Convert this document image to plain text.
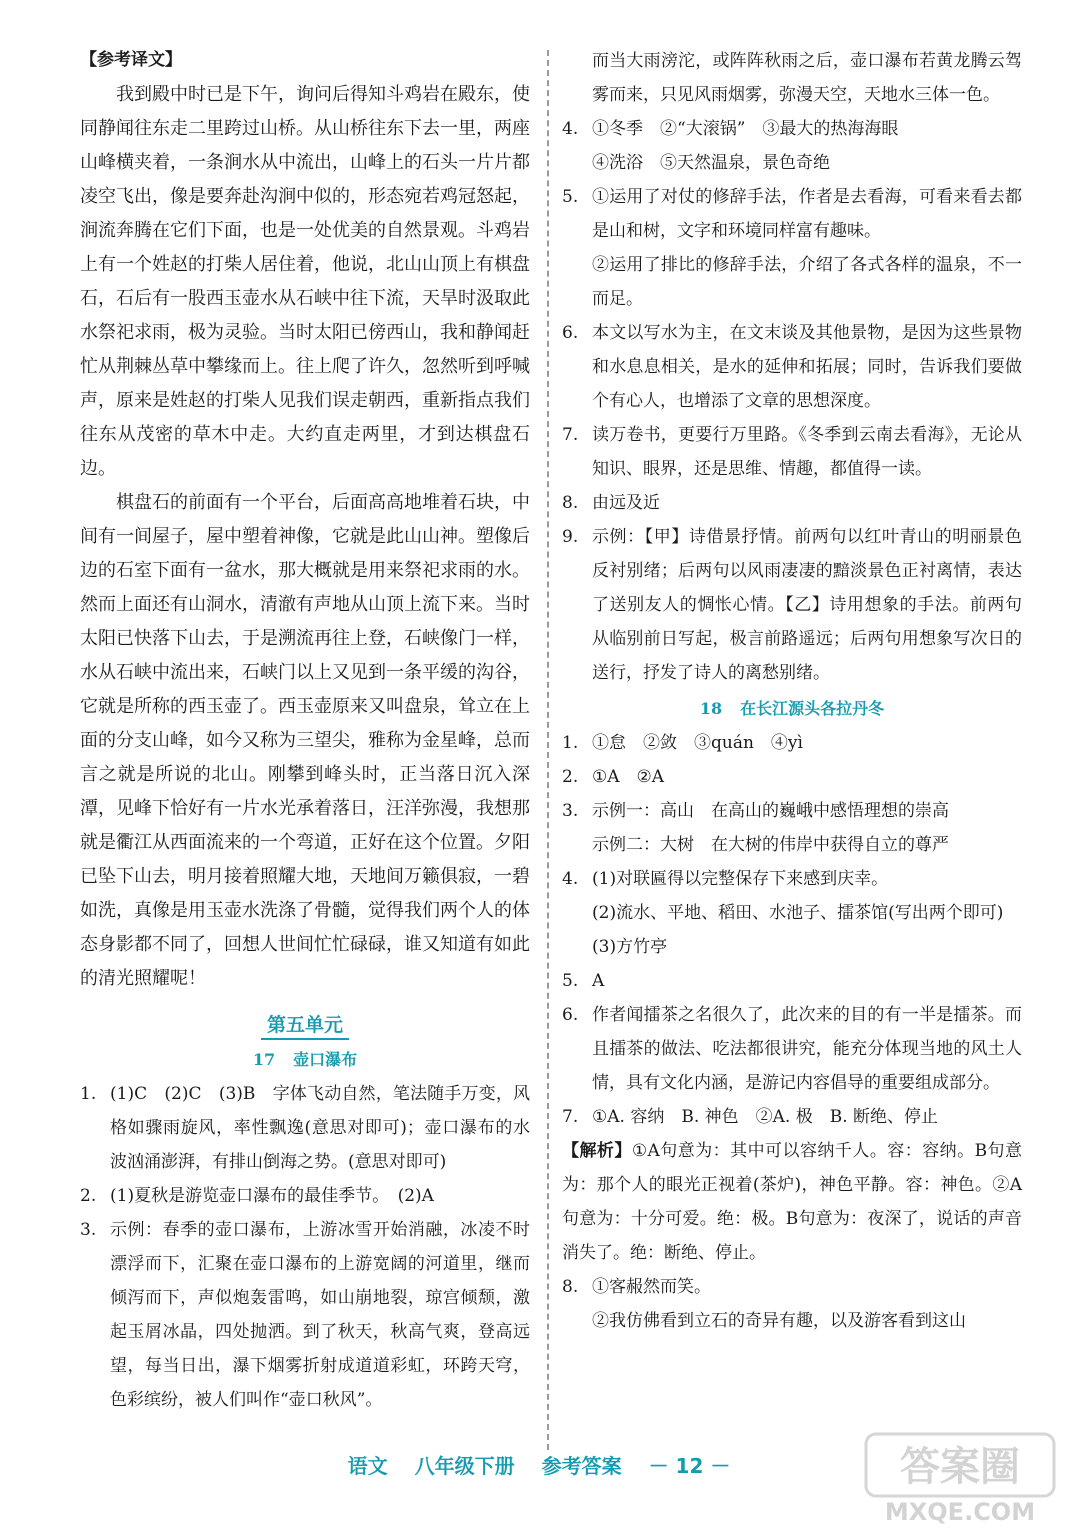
【参考译文】

我到殿中时已是下午，询问后得知斗鸡岩在殿东，使同静闻往东走二里跨过山桥。从山桥往东下去一里，两座山峰横夹着，一条涧水从中流出，山峰上的石头一片片都凌空飞出，像是要奔赴沟涧中似的，形态宛若鸡冠怒起，涧流奔腾在它们下面，也是一处优美的自然景观。斗鸡岩上有一个姓赵的打柴人居住着，他说，北山山顶上有棋盘石，石后有一股西玉壶水从石峡中往下流，天旱时汲取此水祭祀求雨，极为灵验。当时太阳已傍西山，我和静闻赶忙从荆棘丛草中攀缘而上。往上爬了许久，忽然听到呼喊声，原来是姓赵的打柴人见我们误走朝西，重新指点我们往东从茂密的草木中走。大约直走两里，才到达棋盘石边。

棋盘石的前面有一个平台，后面高高地堆着石块，中间有一间屋子，屋中塑着神像，它就是此山山神。塑像后边的石室下面有一盆水，那大概就是用来祭祀求雨的水。然而上面还有山洞水，清澈有声地从山顶上流下来。当时太阳已快落下山去，于是溯流再往上登，石峡像门一样，水从石峡中流出来，石峡门以上又见到一条平缓的沟谷，它就是所称的西玉壶了。西玉壶原来又叫盘泉，耸立在上面的分支山峰，如今又称为三望尖，雅称为金星峰，总而言之就是所说的北山。刚攀到峰头时，正当落日沉入深潭，见峰下恰好有一片水光承着落日，汪洋弥漫，我想那就是衢江从西面流来的一个弯道，正好在这个位置。夕阳已坠下山去，明月接着照耀大地，天地间万籁俱寂，一碧如洗，真像是用玉壶水洗涤了骨髓，觉得我们两个人的体态身影都不同了，回想人世间忙忙碌碌，谁又知道有如此的清光照耀呢！

第五单元
17 壶口瀑布
1. (1)C　(2)C　(3)B　字体飞动自然，笔法随手万变，风格如骤雨旋风，率性飘逸(意思对即可)；壶口瀑布的水波汹涌澎湃，有排山倒海之势。(意思对即可)
2. (1)夏秋是游览壶口瀑布的最佳季节。　(2)A
3. 示例：春季的壶口瀑布，上游冰雪开始消融，冰凌不时漂浮而下，汇聚在壶口瀑布的上游宽阔的河道里，继而倾泻而下，声似炮轰雷鸣，如山崩地裂，琼宫倾颓，激起玉屑冰晶，四处抛洒。到了秋天，秋高气爽，登高远望，每当日出，瀑下烟雾折射成道道彩虹，环跨天穹，色彩缤纷，被人们叫作“壶口秋风”。
而当大雨滂沱，或阵阵秋雨之后，壶口瀑布若黄龙腾云驾雾而来，只见风雨烟雾，弥漫天空，天地水三体一色。
4. ①冬季　②“大滚锅”　③最大的热海海眼
④洗浴　⑤天然温泉，景色奇绝
5. ①运用了对仗的修辞手法，作者是去看海，可看来看去都是山和树，文字和环境同样富有趣味。
②运用了排比的修辞手法，介绍了各式各样的温泉，不一而足。
6. 本文以写水为主，在文末谈及其他景物，是因为这些景物和水息息相关，是水的延伸和拓展；同时，告诉我们要做个有心人，也增添了文章的思想深度。
7. 读万卷书，更要行万里路。《冬季到云南去看海》，无论从知识、眼界，还是思维、情趣，都值得一读。
8. 由远及近
9. 示例：【甲】诗借景抒情。前两句以红叶青山的明丽景色反衬别绪；后两句以风雨凄凄的黯淡景色正衬离情，表达了送别友人的惆怅心情。【乙】诗用想象的手法。前两句从临别前日写起，极言前路遥远；后两句用想象写次日的送行，抒发了诗人的离愁别绪。
18 在长江源头各拉丹冬
1. ①怠　②敛　③quán　④yì
2. ①A　②A
3. 示例一：高山　在高山的巍峨中感悟理想的崇高
示例二：大树　在大树的伟岸中获得自立的尊严
4. (1)对联匾得以完整保存下来感到庆幸。
(2)流水、平地、稻田、水池子、擂茶馆(写出两个即可)
(3)方竹亭
5. A
6. 作者闻擂茶之名很久了，此次来的目的有一半是擂茶。而且擂茶的做法、吃法都很讲究，能充分体现当地的风土人情，具有文化内涵，是游记内容倡导的重要组成部分。
7. ①A. 容纳　B. 神色　②A. 极　B. 断绝、停止
【解析】①A句意为：其中可以容纳千人。容：容纳。B句意为：那个人的眼光正视着(茶炉)，神色平静。容：神色。②A句意为：十分可爱。绝：极。B句意为：夜深了，说话的声音消失了。绝：断绝、停止。
8. ①客赧然而笑。
②我仿佛看到立石的奇异有趣，以及游客看到这山
语文 八年级下册 参考答案 － 12 －	答案圈
MXQE.COM
